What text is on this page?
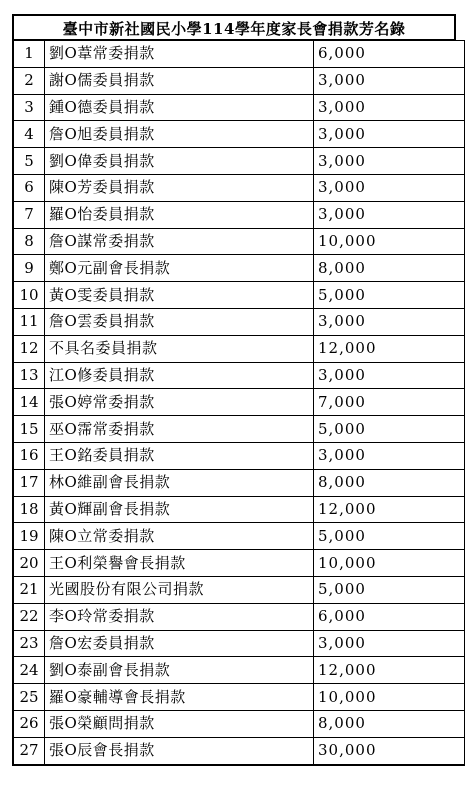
臺中市新社國民小學114學年度家長會捐款芳名錄
1	劉O葦常委捐款	6,000
2	謝O儒委員捐款	3,000
3	鍾O德委員捐款	3,000
4	詹O旭委員捐款	3,000
5	劉O偉委員捐款	3,000
6	陳O芳委員捐款	3,000
7	羅O怡委員捐款	3,000
8	詹O謀常委捐款	10,000
9	鄭O元副會長捐款	8,000
10	黃O雯委員捐款	5,000
11	詹O雲委員捐款	3,000
12	不具名委員捐款	12,000
13	江O修委員捐款	3,000
14	張O婷常委捐款	7,000
15	巫O霈常委捐款	5,000
16	王O銘委員捐款	3,000
17	林O維副會長捐款	8,000
18	黃O輝副會長捐款	12,000
19	陳O立常委捐款	5,000
20	王O利榮譽會長捐款	10,000
21	光國股份有限公司捐款	5,000
22	李O玲常委捐款	6,000
23	詹O宏委員捐款	3,000
24	劉O泰副會長捐款	12,000
25	羅O豪輔導會長捐款	10,000
26	張O榮顧問捐款	8,000
27	張O辰會長捐款	30,000
